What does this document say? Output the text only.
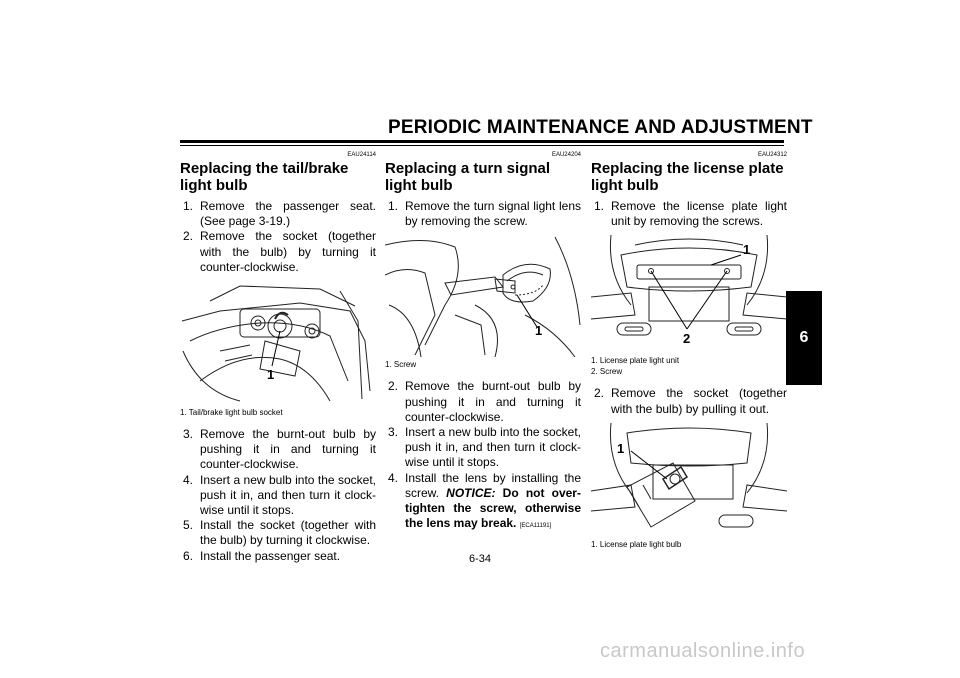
PERIODIC MAINTENANCE AND ADJUSTMENT
6
EAU24114
Replacing the tail/brake light bulb
1. Remove the passenger seat. (See page 3-19.)
2. Remove the socket (together with the bulb) by turning it counter-clockwise.
1
1. Tail/brake light bulb socket
3. Remove the burnt-out bulb by pushing it in and turning it counter-clockwise.
4. Insert a new bulb into the socket, push it in, and then turn it clock-wise until it stops.
5. Install the socket (together with the bulb) by turning it clockwise.
6. Install the passenger seat.
EAU24204
Replacing a turn signal light bulb
1. Remove the turn signal light lens by removing the screw.
1
1. Screw
2. Remove the burnt-out bulb by pushing it in and turning it counter-clockwise.
3. Insert a new bulb into the socket, push it in, and then turn it clock-wise until it stops.
4. Install the lens by installing the screw. NOTICE: Do not over-tighten the screw, otherwise the lens may break. [ECA11191]
EAU24312
Replacing the license plate light bulb
1. Remove the license plate light unit by removing the screws.
1
2
1. License plate light unit
2. Screw
2. Remove the socket (together with the bulb) by pulling it out.
1
1. License plate light bulb
6-34
carmanualsonline.info
